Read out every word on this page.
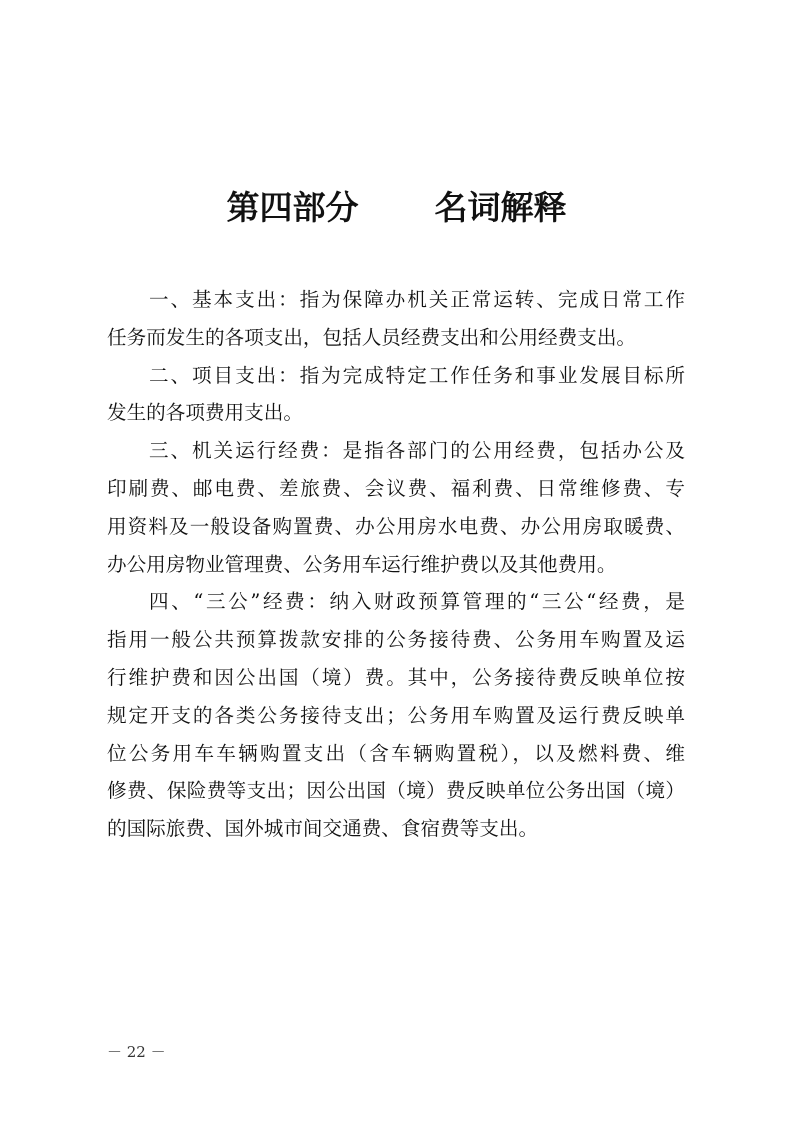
第四部分 名词解释
一、基本支出：指为保障办机关正常运转、完成日常工作
任务而发生的各项支出，包括人员经费支出和公用经费支出。
二、项目支出：指为完成特定工作任务和事业发展目标所
发生的各项费用支出。
三、机关运行经费：是指各部门的公用经费，包括办公及
印刷费、邮电费、差旅费、会议费、福利费、日常维修费、专
用资料及一般设备购置费、办公用房水电费、办公用房取暖费、
办公用房物业管理费、公务用车运行维护费以及其他费用。
四、“三公”经费：纳入财政预算管理的“三公“经费，是
指用一般公共预算拨款安排的公务接待费、公务用车购置及运
行维护费和因公出国（境）费。其中，公务接待费反映单位按
规定开支的各类公务接待支出；公务用车购置及运行费反映单
位公务用车车辆购置支出（含车辆购置税），以及燃料费、维
修费、保险费等支出；因公出国（境）费反映单位公务出国（境）
的国际旅费、国外城市间交通费、食宿费等支出。
－ 22 －
